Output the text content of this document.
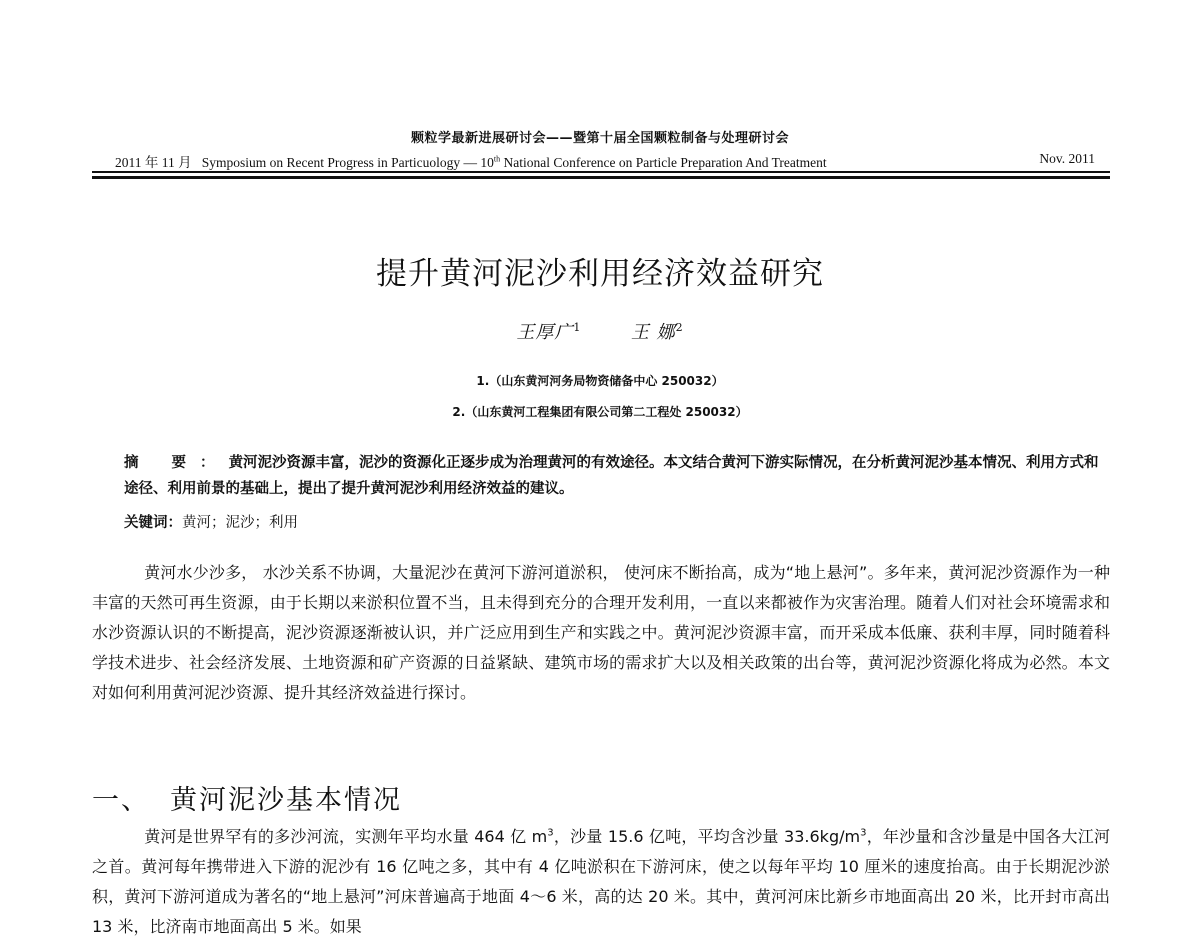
颗粒学最新进展研讨会——暨第十届全国颗粒制备与处理研讨会
2011 年 11 月 Symposium on Recent Progress in Particuology — 10th National Conference on Particle Preparation And Treatment	Nov. 2011
提升黄河泥沙利用经济效益研究
王厚广$^1$	王 娜$^2$
1.（山东黄河河务局物资储备中心 250032）
2.（山东黄河工程集团有限公司第二工程处 250032）
摘 要：黄河泥沙资源丰富，泥沙的资源化正逐步成为治理黄河的有效途径。本文结合黄河下游实际情况，在分析黄河泥沙基本情况、利用方式和途径、利用前景的基础上，提出了提升黄河泥沙利用经济效益的建议。
关键词：黄河；泥沙；利用
黄河水少沙多， 水沙关系不协调，大量泥沙在黄河下游河道淤积， 使河床不断抬高，成为“地上悬河”。多年来，黄河泥沙资源作为一种丰富的天然可再生资源，由于长期以来淤积位置不当，且未得到充分的合理开发利用，一直以来都被作为灾害治理。随着人们对社会环境需求和水沙资源认识的不断提高，泥沙资源逐渐被认识，并广泛应用到生产和实践之中。黄河泥沙资源丰富，而开采成本低廉、获利丰厚，同时随着科学技术进步、社会经济发展、土地资源和矿产资源的日益紧缺、建筑市场的需求扩大以及相关政策的出台等，黄河泥沙资源化将成为必然。本文对如何利用黄河泥沙资源、提升其经济效益进行探讨。
一、 黄河泥沙基本情况
黄河是世界罕有的多沙河流，实测年平均水量 464 亿 $m^3$，沙量 15.6 亿吨，平均含沙量 $33.6kg/m^3$，年沙量和含沙量是中国各大江河之首。黄河每年携带进入下游的泥沙有 16 亿吨之多，其中有 4 亿吨淤积在下游河床，使之以每年平均 10 厘米的速度抬高。由于长期泥沙淤积，黄河下游河道成为著名的“地上悬河”河床普遍高于地面 4～6 米，高的达 20 米。其中，黄河河床比新乡市地面高出 20 米，比开封市高出 13 米，比济南市地面高出 5 米。如果
